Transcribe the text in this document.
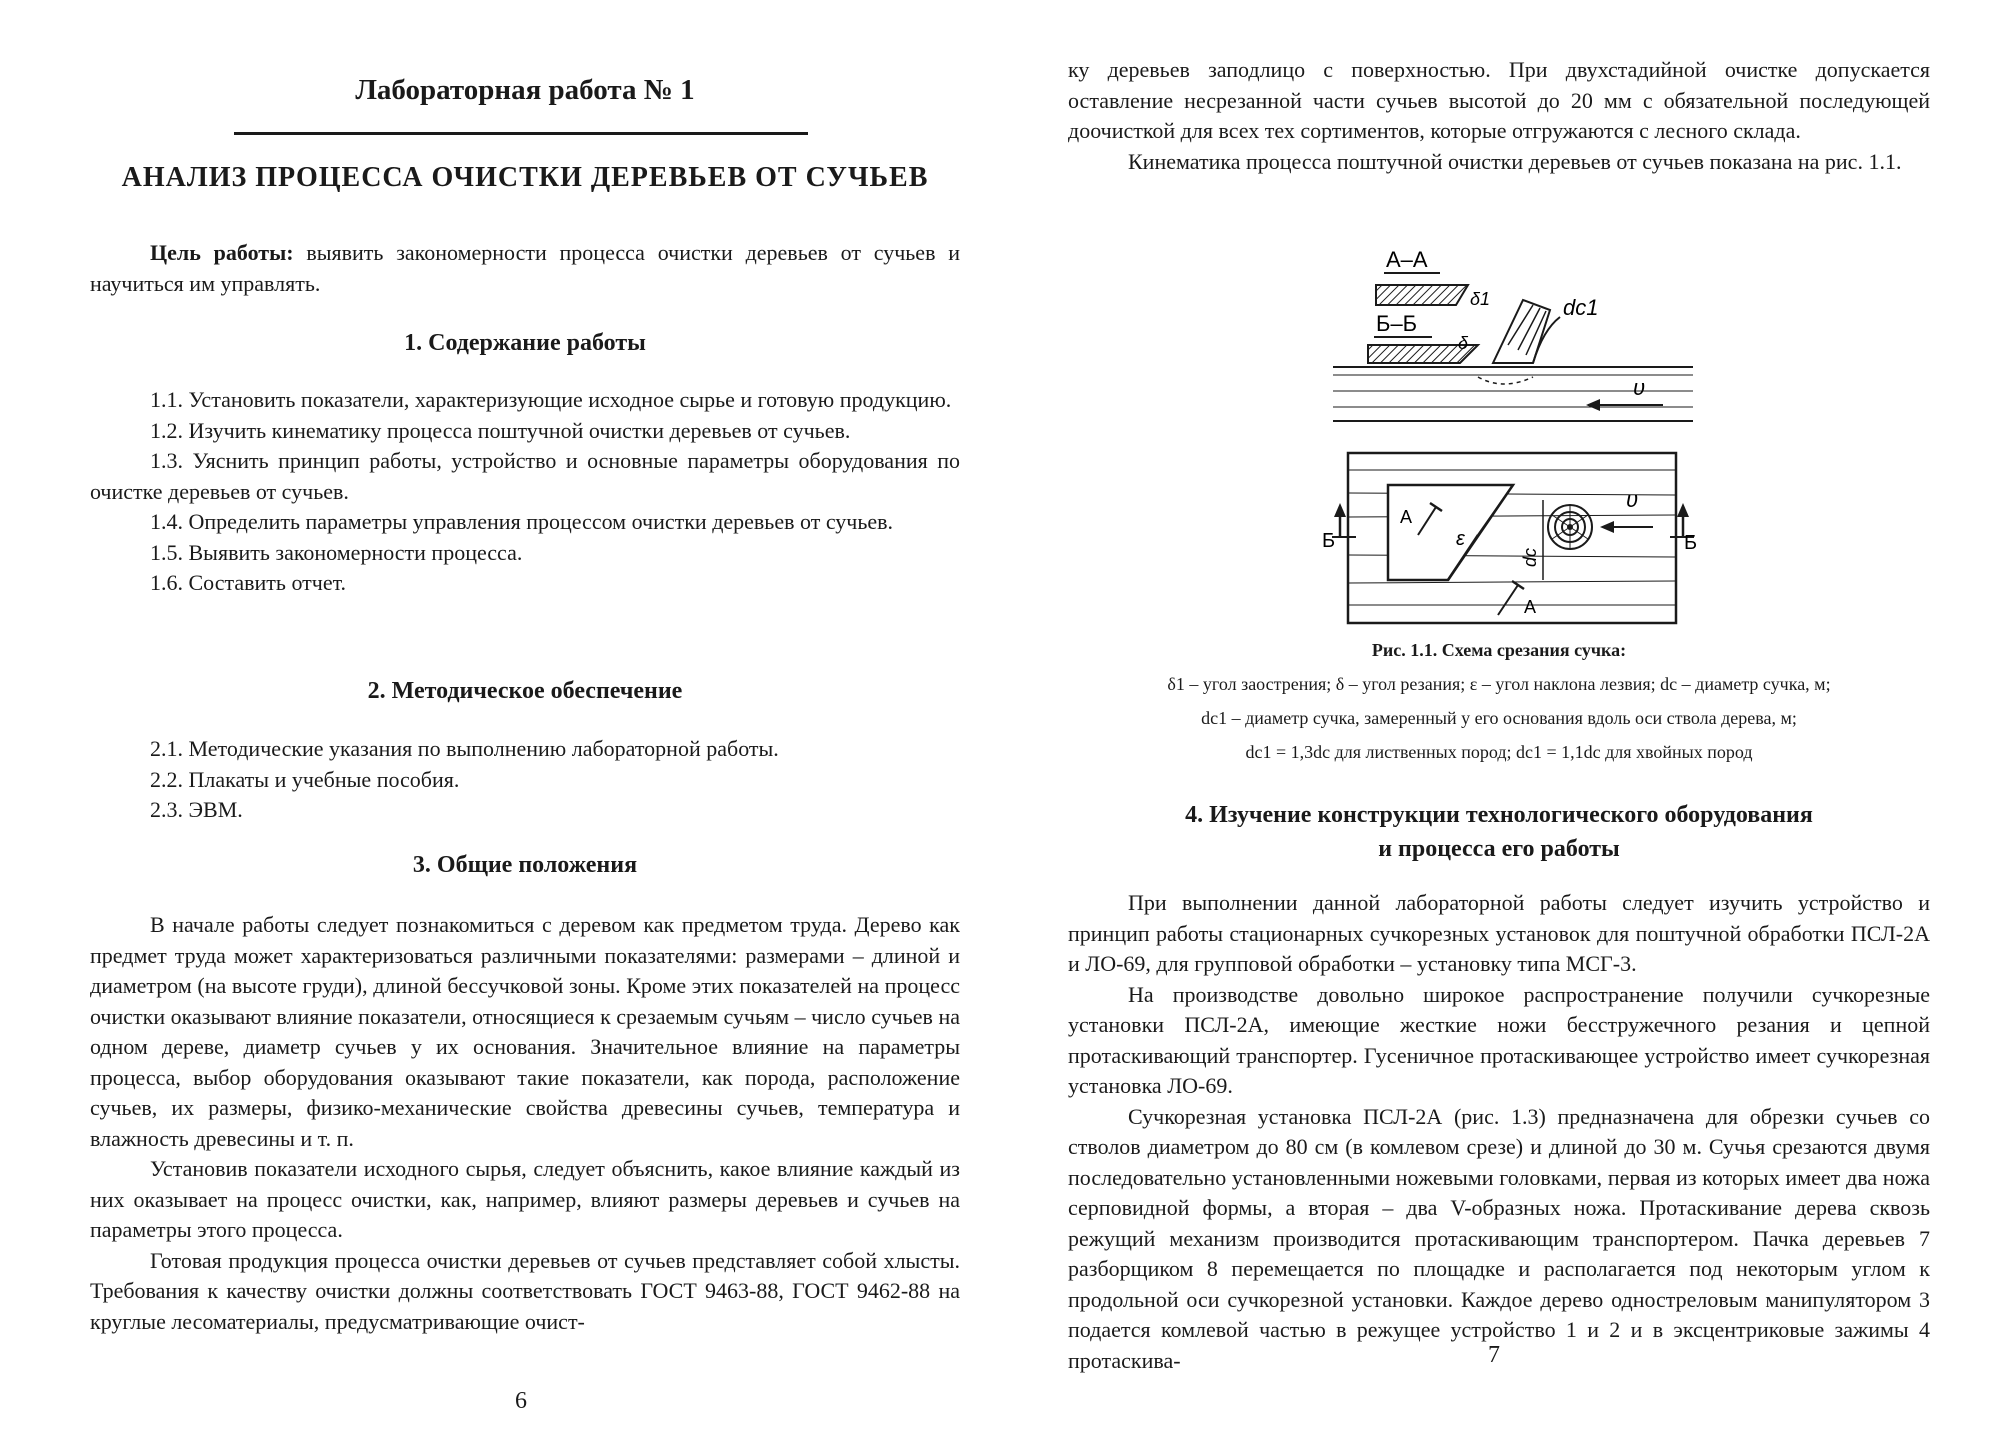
Лабораторная работа № 1
АНАЛИЗ ПРОЦЕССА ОЧИСТКИ ДЕРЕВЬЕВ ОТ СУЧЬЕВ

Цель работы: выявить закономерности процесса очистки деревьев от сучьев и научиться им управлять.

1. Содержание работы

1.1. Установить показатели, характеризующие исходное сырье и готовую продукцию.

1.2. Изучить кинематику процесса поштучной очистки деревьев от сучьев.

1.3. Уяснить принцип работы, устройство и основные параметры оборудования по очистке деревьев от сучьев.

1.4. Определить параметры управления процессом очистки деревьев от сучьев.

1.5. Выявить закономерности процесса.

1.6. Составить отчет.

2. Методическое обеспечение

2.1. Методические указания по выполнению лабораторной работы.

2.2. Плакаты и учебные пособия.

2.3. ЭВМ.

3. Общие положения

В начале работы следует познакомиться с деревом как предметом труда. Дерево как предмет труда может характеризоваться различными показателями: размерами – длиной и диаметром (на высоте груди), длиной бессучковой зоны. Кроме этих показателей на процесс очистки оказывают влияние показатели, относящиеся к срезаемым сучьям – число сучьев на одном дереве, диаметр сучьев у их основания. Значительное влияние на параметры процесса, выбор оборудования оказывают такие показатели, как порода, расположение сучьев, их размеры, физико-механические свойства древесины сучьев, температура и влажность древесины и т. п.

Установив показатели исходного сырья, следует объяснить, какое влияние каждый из них оказывает на процесс очистки, как, например, влияют размеры деревьев и сучьев на параметры этого процесса.

Готовая продукция процесса очистки деревьев от сучьев представляет собой хлысты. Требования к качеству очистки должны соответствовать ГОСТ 9463-88, ГОСТ 9462-88 на круглые лесоматериалы, предусматривающие очист-

6

ку деревьев заподлицо с поверхностью. При двухстадийной очистке допускается оставление несрезанной части сучьев высотой до 20 мм с обязательной последующей доочисткой для всех тех сортиментов, которые отгружаются с лесного склада.

Кинематика процесса поштучной очистки деревьев от сучьев показана на рис. 1.1.

А–А
δ1
Б–Б
δ
dc1
υ
А
ε
dc
υ
А
Б	Б
Рис. 1.1. Схема срезания сучка:
δ1 – угол заострения; δ – угол резания; ε – угол наклона лезвия; dc – диаметр сучка, м;
dc1 – диаметр сучка, замеренный у его основания вдоль оси ствола дерева, м;
dc1 = 1,3dc для лиственных пород; dc1 = 1,1dc для хвойных пород
4. Изучение конструкции технологического оборудования
и процесса его работы

При выполнении данной лабораторной работы следует изучить устройство и принцип работы стационарных сучкорезных установок для поштучной обработки ПСЛ-2А и ЛО-69, для групповой обработки – установку типа МСГ-3.

На производстве довольно широкое распространение получили сучкорезные установки ПСЛ-2А, имеющие жесткие ножи бесстружечного резания и цепной протаскивающий транспортер. Гусеничное протаскивающее устройство имеет сучкорезная установка ЛО-69.

Сучкорезная установка ПСЛ-2А (рис. 1.3) предназначена для обрезки сучьев со стволов диаметром до 80 см (в комлевом срезе) и длиной до 30 м. Сучья срезаются двумя последовательно установленными ножевыми головками, первая из которых имеет два ножа серповидной формы, а вторая – два V-образных ножа. Протаскивание дерева сквозь режущий механизм производится протаскивающим транспортером. Пачка деревьев 7 разборщиком 8 перемещается по площадке и располагается под некоторым углом к продольной оси сучкорезной установки. Каждое дерево одностреловым манипулятором 3 подается комлевой частью в режущее устройство 1 и 2 и в эксцентриковые зажимы 4 протаскива-	7
